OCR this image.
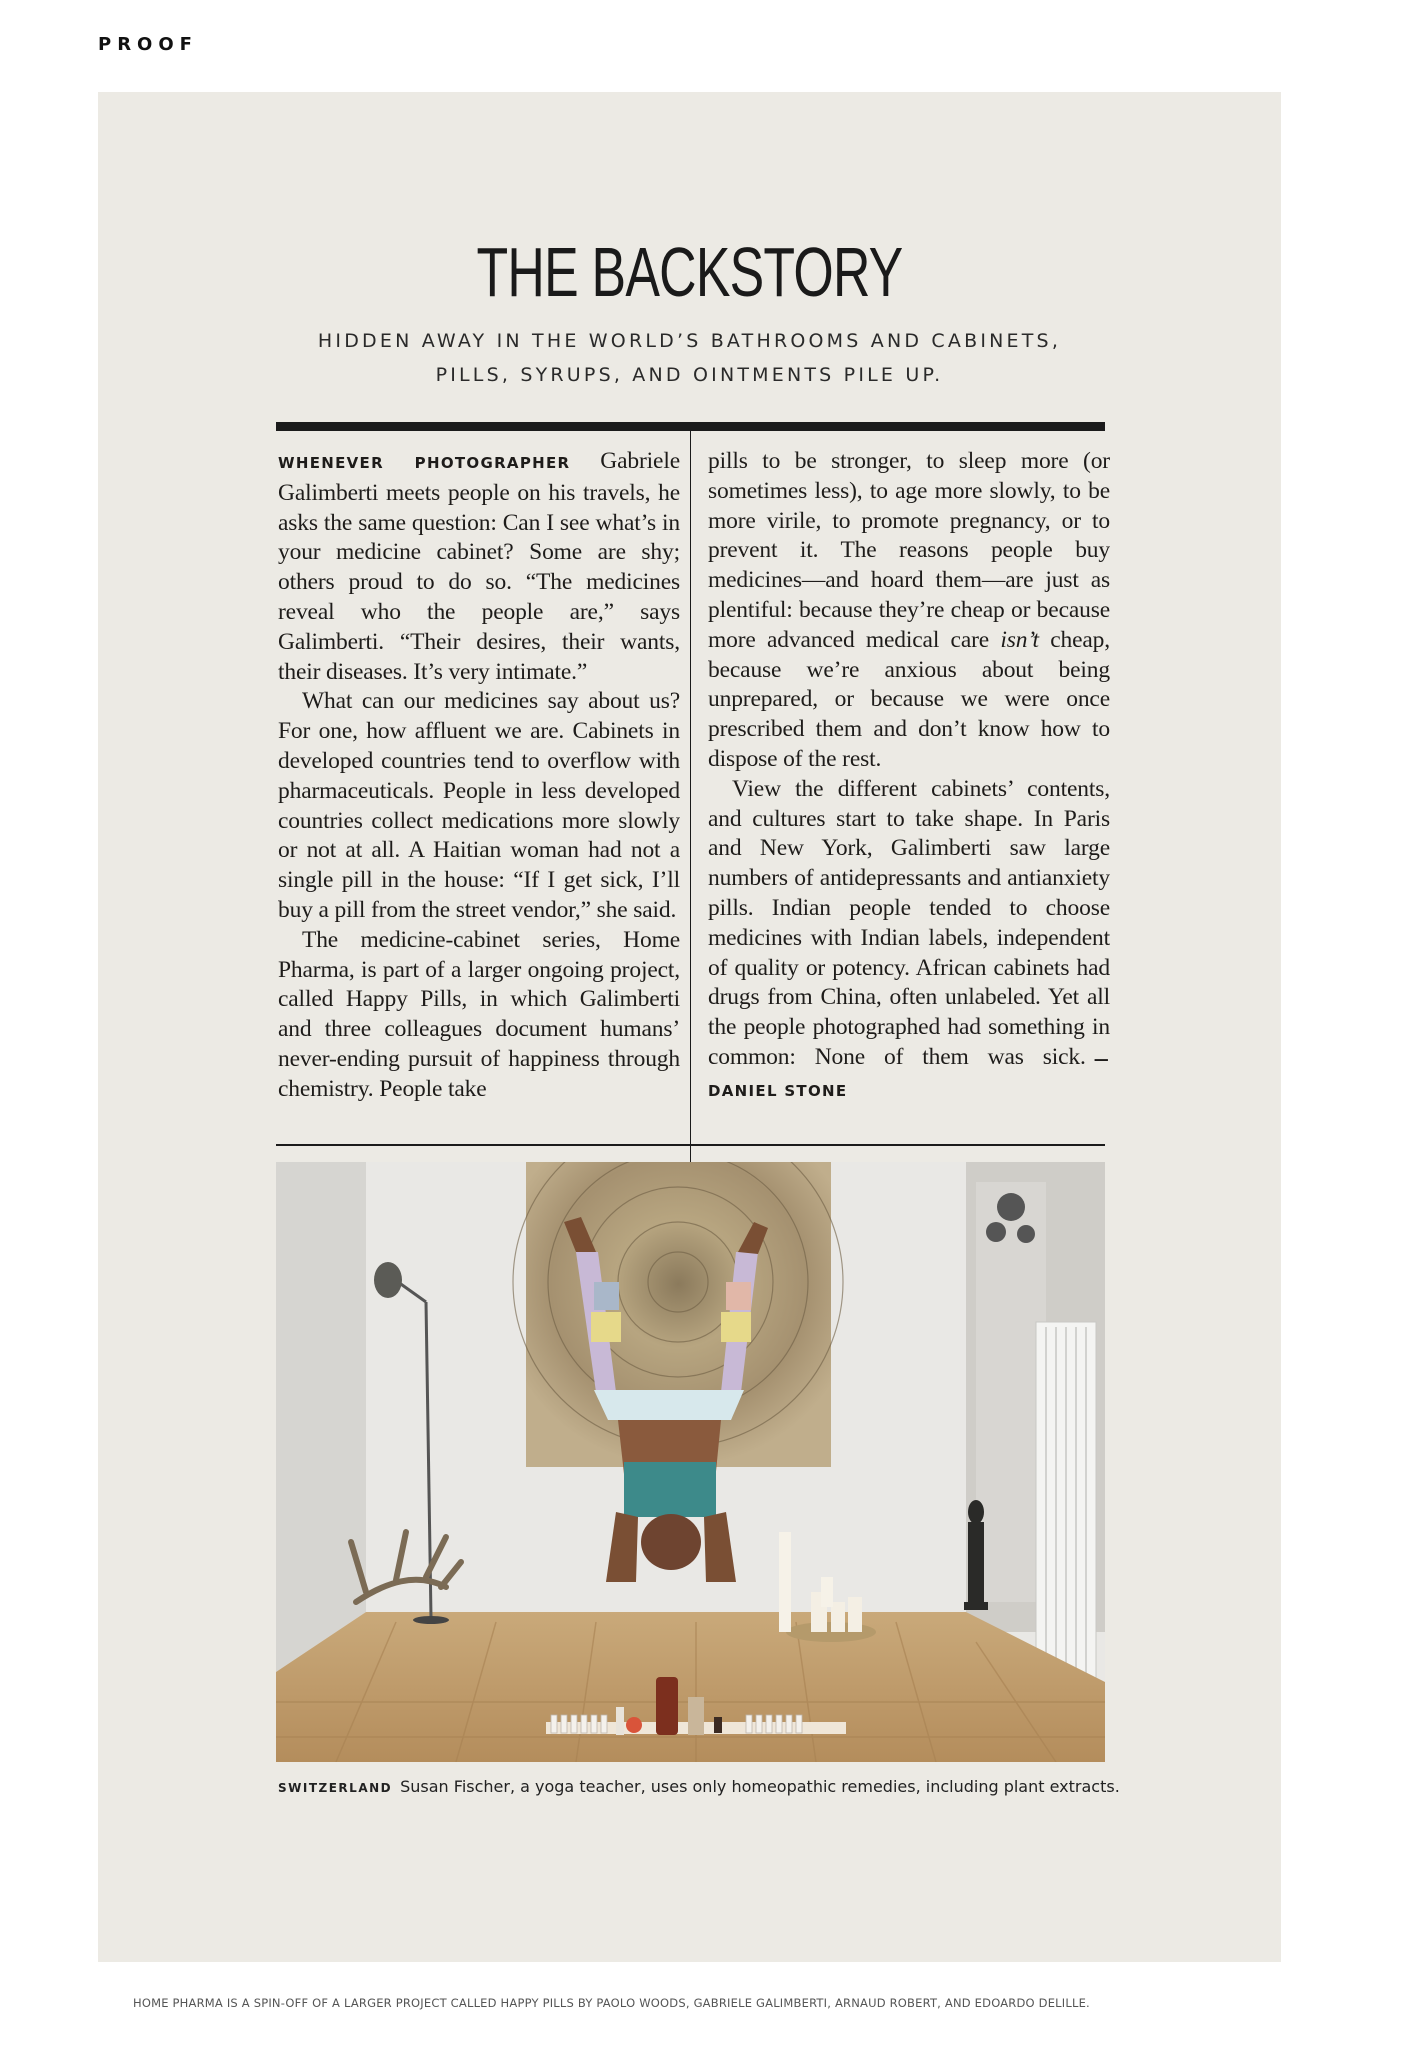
PROOF
THE BACKSTORY
HIDDEN AWAY IN THE WORLD’S BATHROOMS AND CABINETS,
PILLS, SYRUPS, AND OINTMENTS PILE UP.

WHENEVER PHOTOGRAPHER Gabriele Galimberti meets people on his travels, he asks the same question: Can I see what’s in your medicine cabinet? Some are shy; others proud to do so. “The medicines reveal who the people are,” says Galimberti. “Their desires, their wants, their diseases. It’s very intimate.”

What can our medicines say about us? For one, how affluent we are. Cabinets in developed countries tend to overflow with pharmaceuticals. People in less developed countries collect medications more slowly or not at all. A Haitian woman had not a single pill in the house: “If I get sick, I’ll buy a pill from the street vendor,” she said.

The medicine-cabinet series, Home Pharma, is part of a larger ongoing project, called Happy Pills, in which Galimberti and three colleagues document humans’ never-ending pursuit of happiness through chemistry. People take

pills to be stronger, to sleep more (or sometimes less), to age more slowly, to be more virile, to promote pregnancy, or to prevent it. The reasons people buy medicines—and hoard them—are just as plentiful: because they’re cheap or because more advanced medical care isn’t cheap, because we’re anxious about being unprepared, or because we were once prescribed them and don’t know how to dispose of the rest.

View the different cabinets’ contents, and cultures start to take shape. In Paris and New York, Galimberti saw large numbers of antidepressants and antianxiety pills. Indian people tended to choose medicines with Indian labels, independent of quality or potency. African cabinets had drugs from China, often unlabeled. Yet all the people photographed had something in common: None of them was sick. —DANIEL STONE

SWITZERLAND Susan Fischer, a yoga teacher, uses only homeopathic remedies, including plant extracts.
HOME PHARMA IS A SPIN-OFF OF A LARGER PROJECT CALLED HAPPY PILLS BY PAOLO WOODS, GABRIELE GALIMBERTI, ARNAUD ROBERT, AND EDOARDO DELILLE.
